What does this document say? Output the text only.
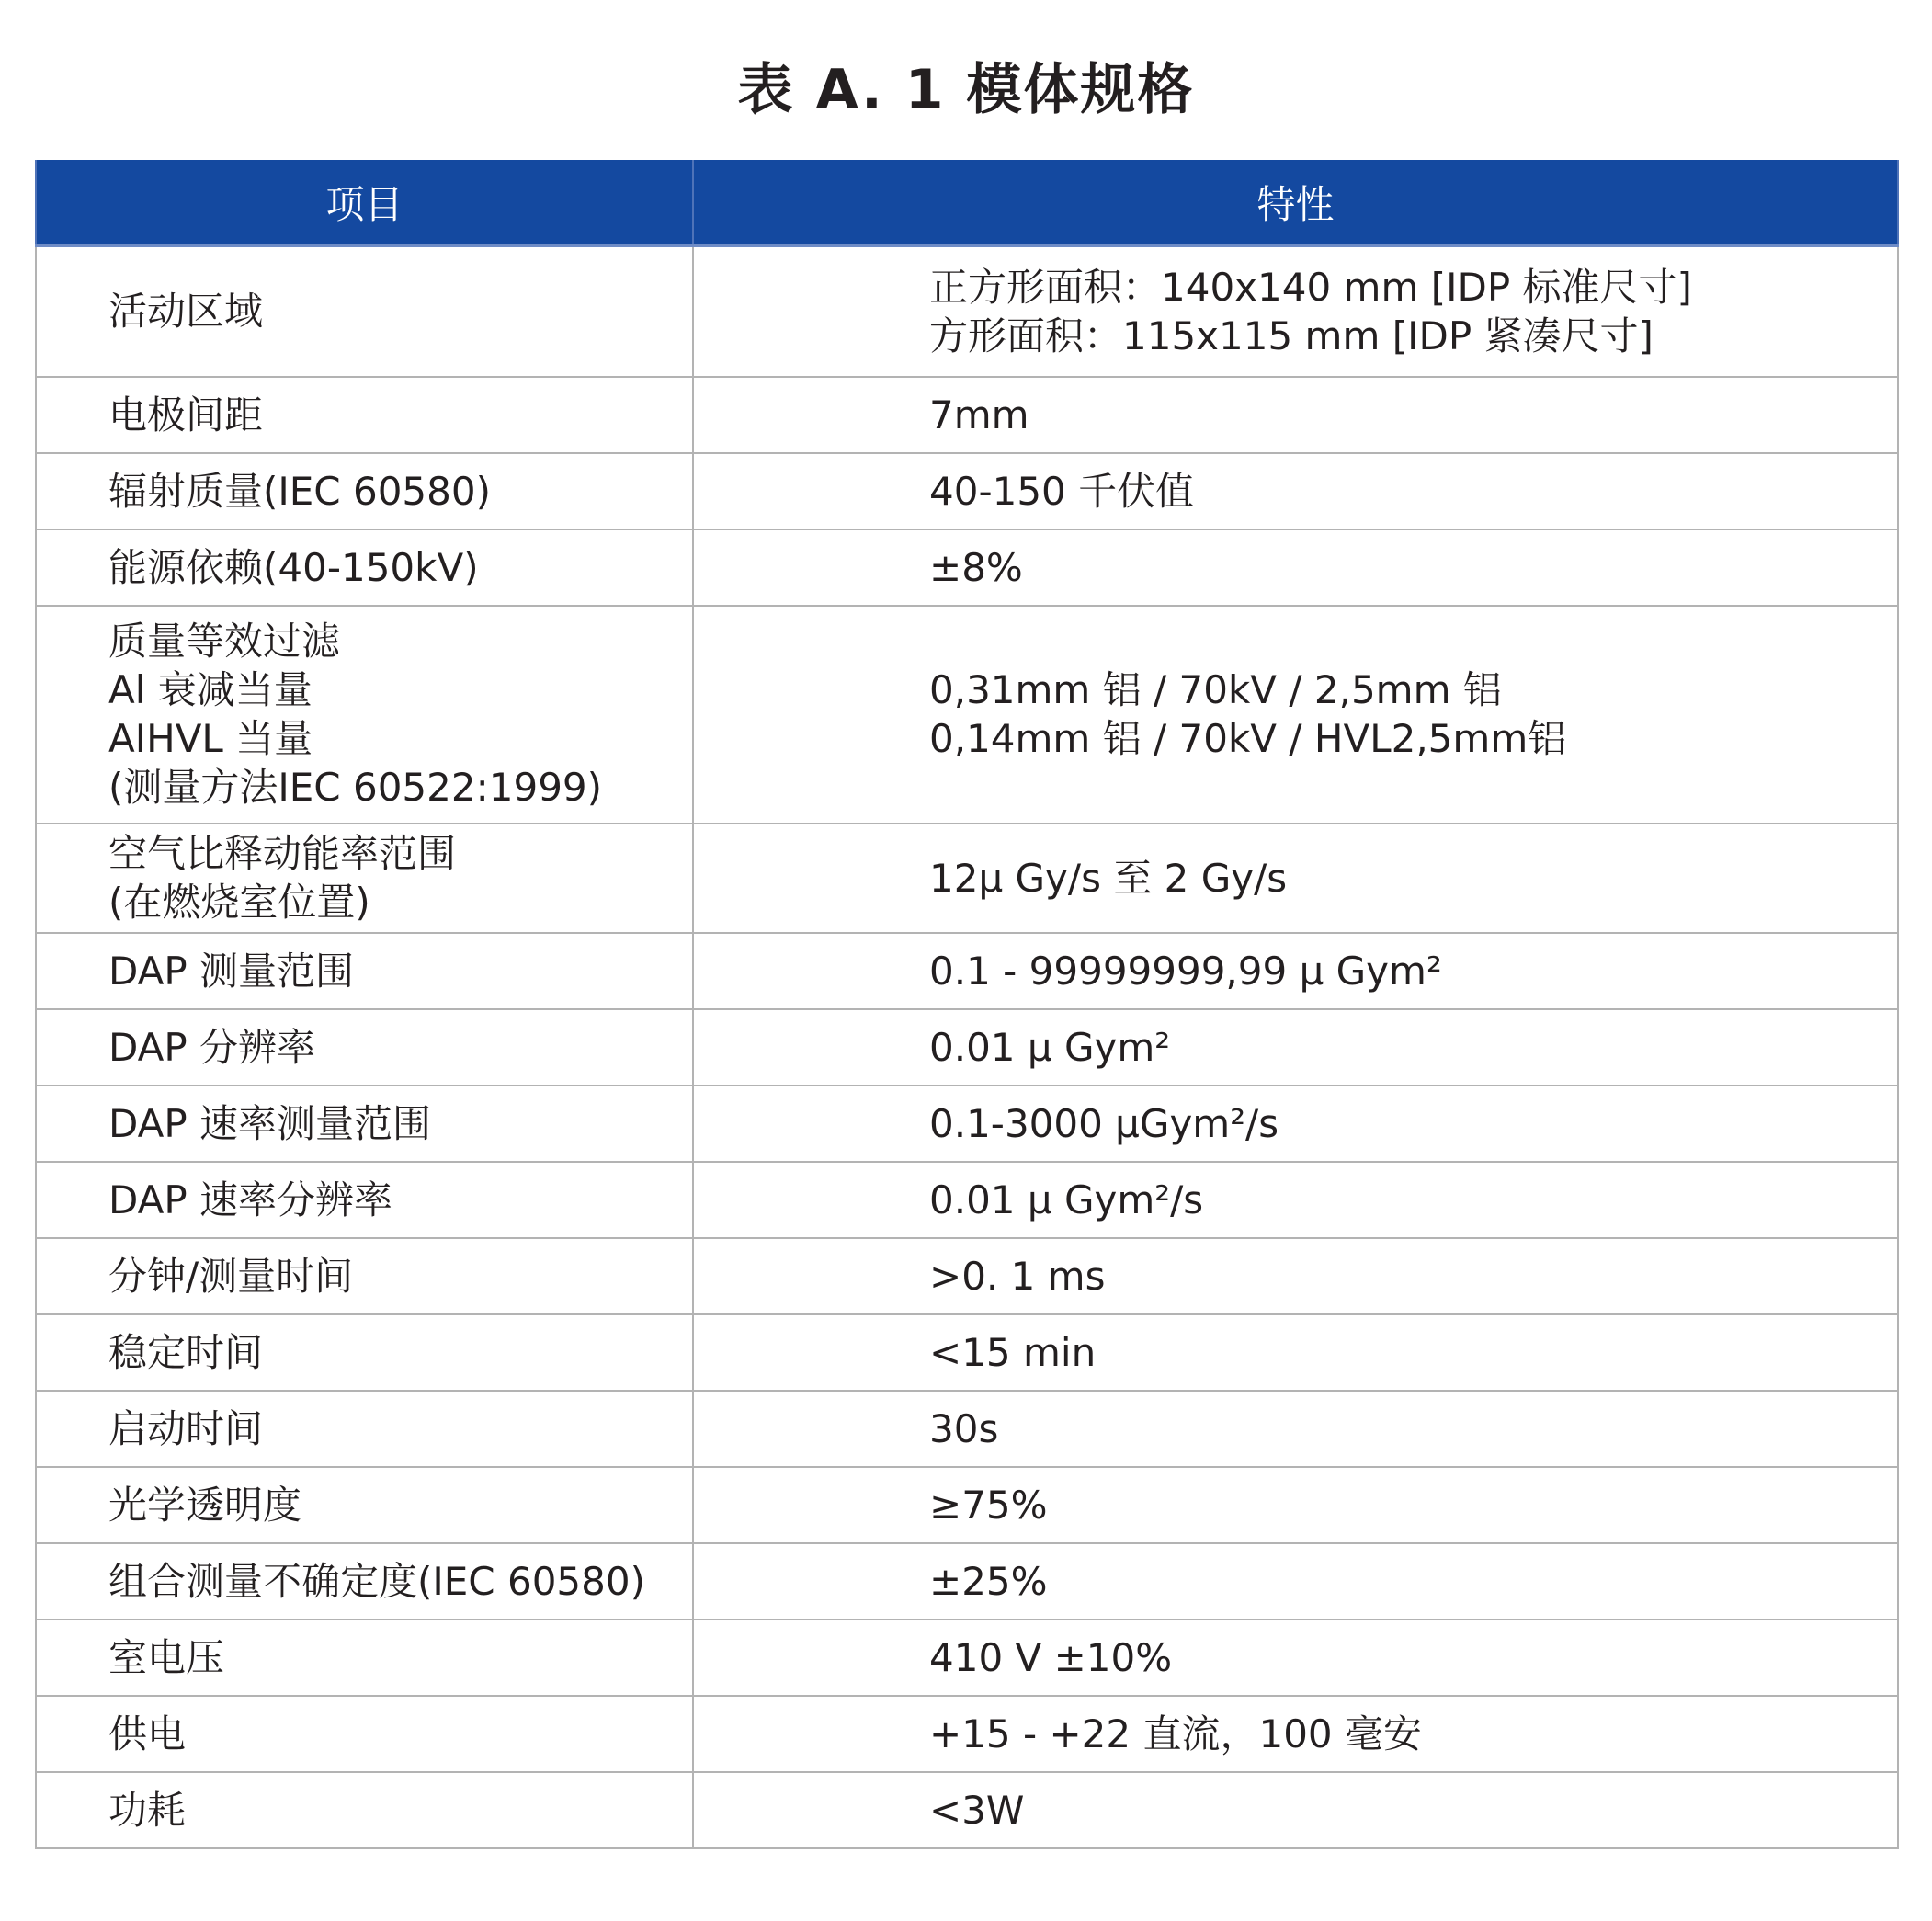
表 A. 1 模体规格
项目	特性

活动区域	正方形面积：140x140 mm [IDP 标准尺寸]
方形面积：115x115 mm [IDP 紧凑尺寸]

电极间距	7mm

辐射质量(IEC 60580)	40-150 千伏值

能源依赖(40-150kV)	±8%

质量等效过滤
Al 衰减当量
AIHVL 当量
(测量方法IEC 60522:1999)	0,31mm 铝 / 70kV / 2,5mm 铝
0,14mm 铝 / 70kV / HVL2,5mm铝

空气比释动能率范围
(在燃烧室位置)	12μ Gy/s 至 2 Gy/s

DAP 测量范围	0.1 - 99999999,99 μ Gym²

DAP 分辨率	0.01 μ Gym²

DAP 速率测量范围	0.1-3000 μGym²/s

DAP 速率分辨率	0.01 μ Gym²/s

分钟/测量时间	>0. 1 ms

稳定时间	<15 min

启动时间	30s

光学透明度	≥75%

组合测量不确定度(IEC 60580)	±25%

室电压	410 V ±10%

供电	+15 - +22 直流，100 毫安

功耗	<3W
